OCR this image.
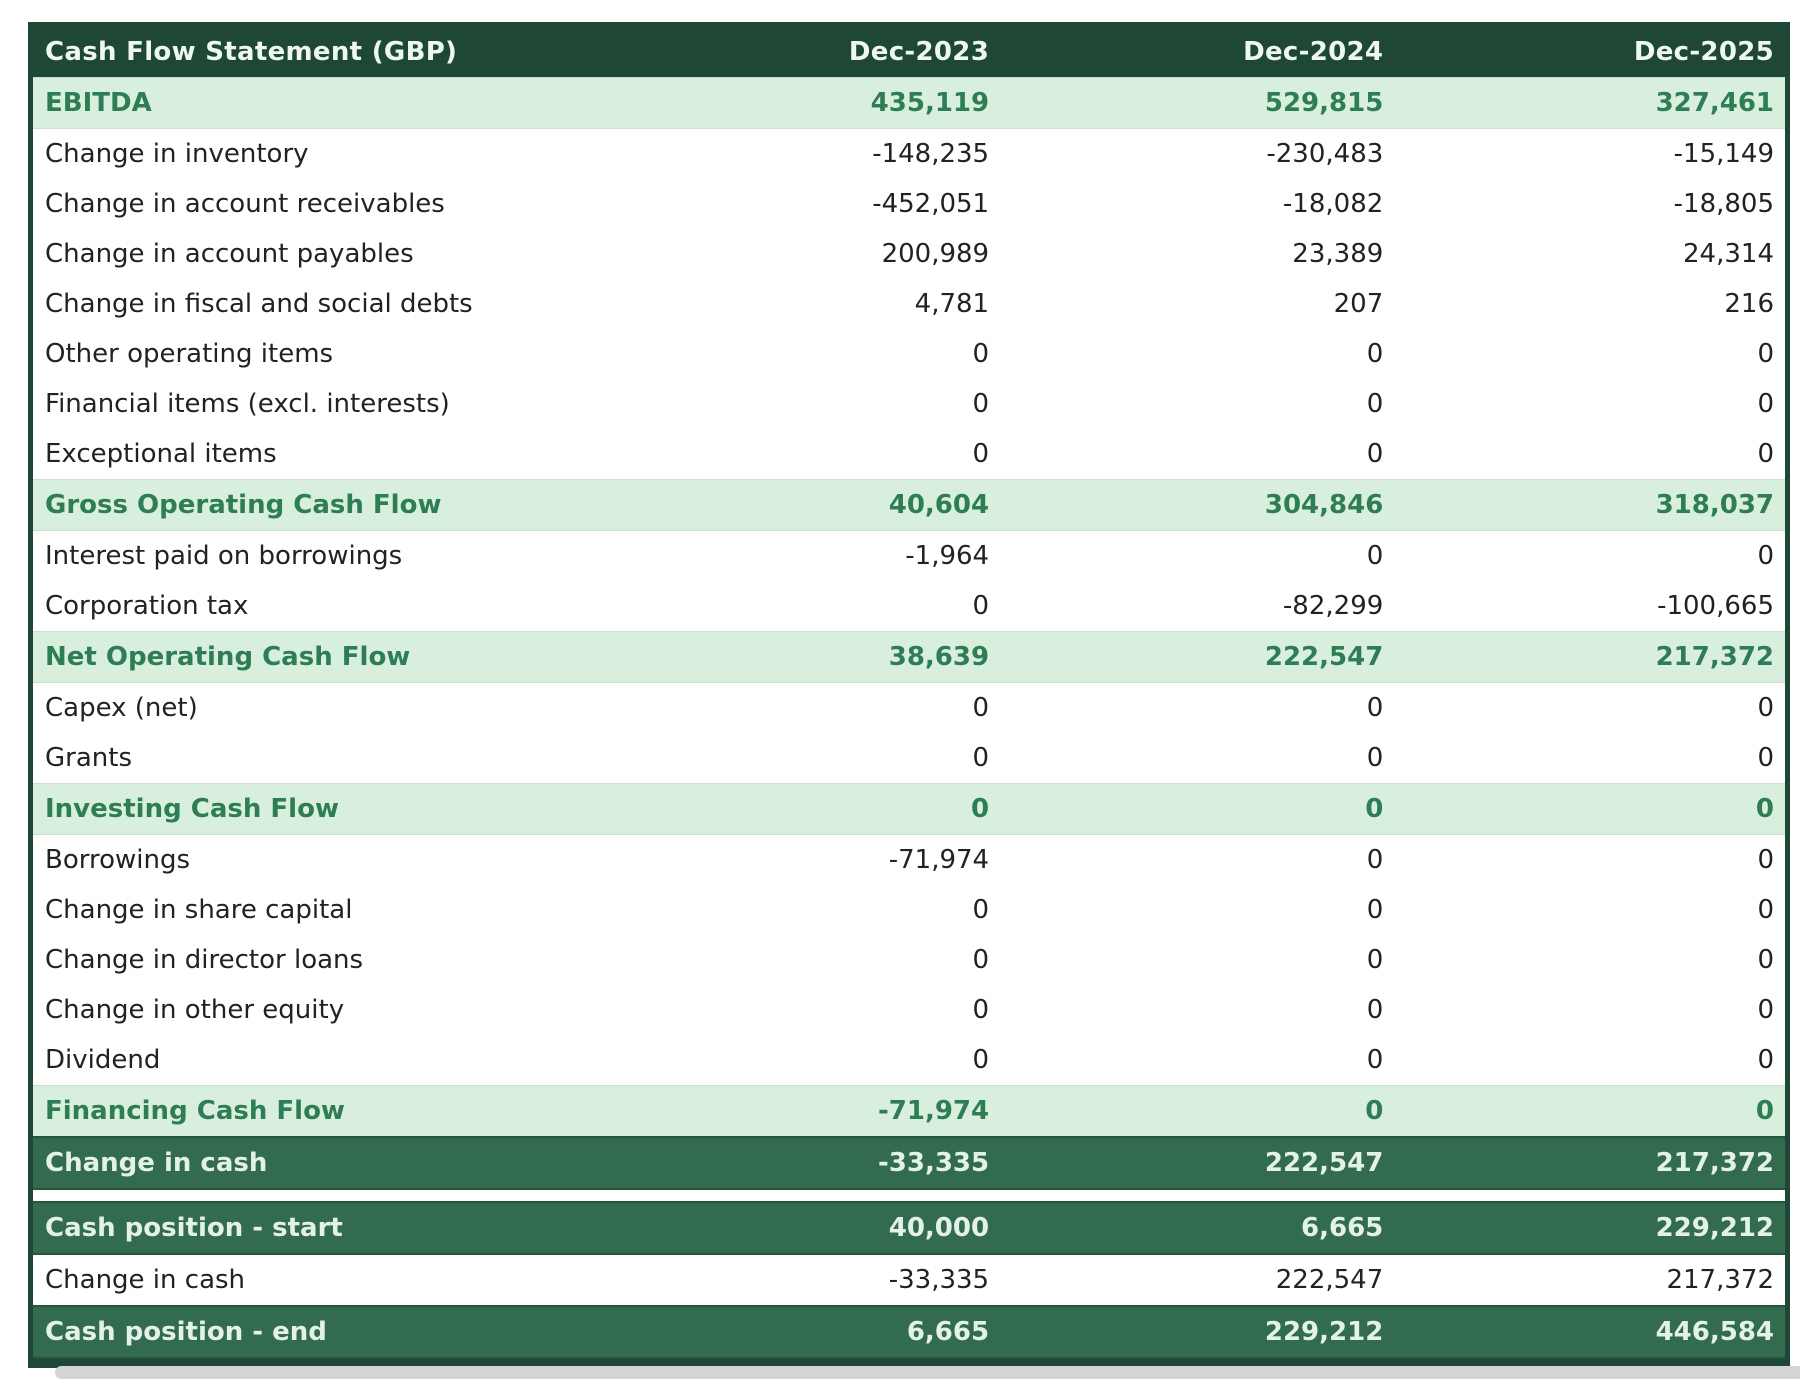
Cash Flow Statement (GBP)	Dec-2023	Dec-2024	Dec-2025
EBITDA	435,119	529,815	327,461
Change in inventory	-148,235	-230,483	-15,149
Change in account receivables	-452,051	-18,082	-18,805
Change in account payables	200,989	23,389	24,314
Change in fiscal and social debts	4,781	207	216
Other operating items	0	0	0
Financial items (excl. interests)	0	0	0
Exceptional items	0	0	0
Gross Operating Cash Flow	40,604	304,846	318,037
Interest paid on borrowings	-1,964	0	0
Corporation tax	0	-82,299	-100,665
Net Operating Cash Flow	38,639	222,547	217,372
Capex (net)	0	0	0
Grants	0	0	0
Investing Cash Flow	0	0	0
Borrowings	-71,974	0	0
Change in share capital	0	0	0
Change in director loans	0	0	0
Change in other equity	0	0	0
Dividend	0	0	0
Financing Cash Flow	-71,974	0	0
Change in cash	-33,335	222,547	217,372

Cash position - start	40,000	6,665	229,212
Change in cash	-33,335	222,547	217,372
Cash position - end	6,665	229,212	446,584
